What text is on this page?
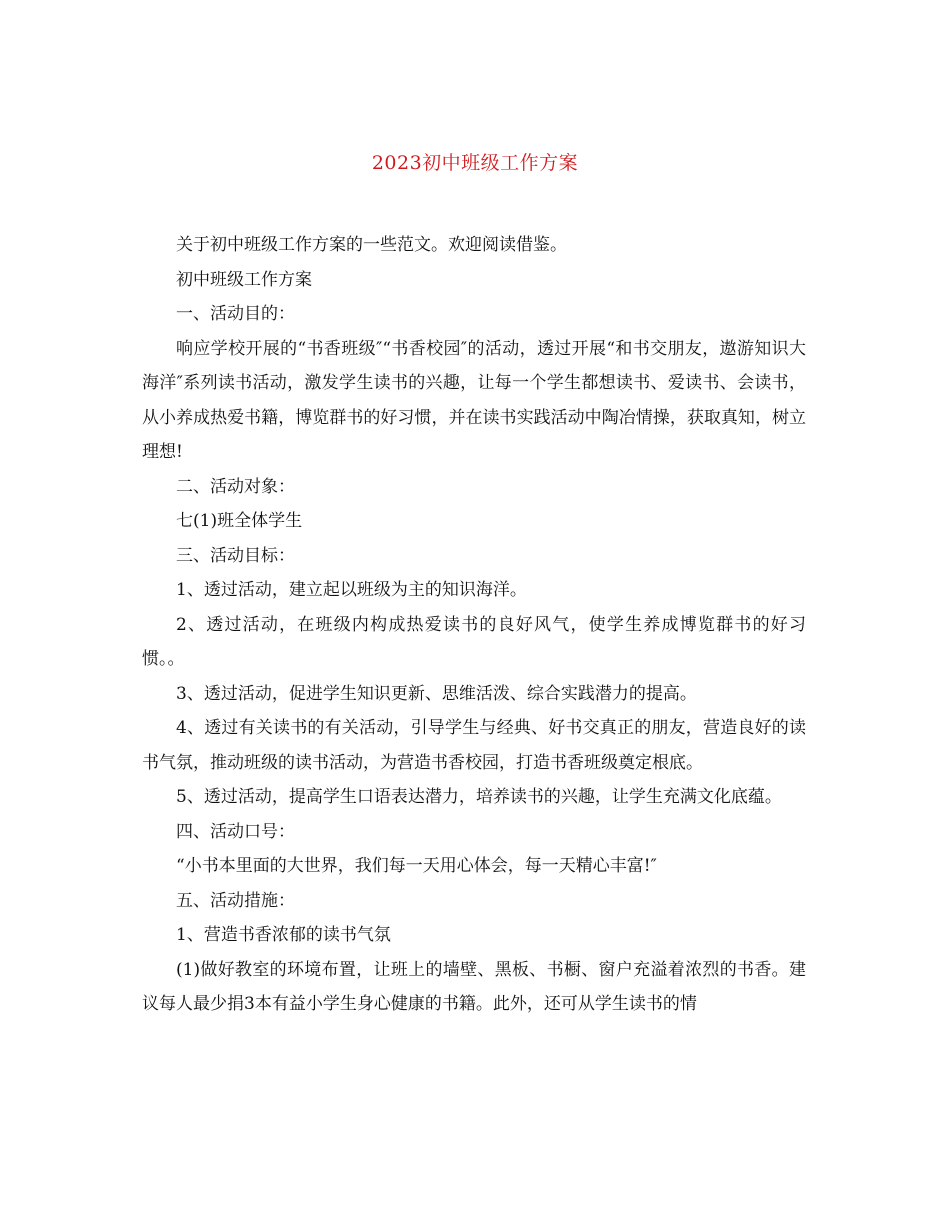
2023初中班级工作方案

关于初中班级工作方案的一些范文。欢迎阅读借鉴。

初中班级工作方案

一、活动目的：

响应学校开展的“书香班级″“书香校园″的活动，透过开展“和书交朋友，遨游知识大海洋″系列读书活动，激发学生读书的兴趣，让每一个学生都想读书、爱读书、会读书，从小养成热爱书籍，博览群书的好习惯，并在读书实践活动中陶冶情操，获取真知，树立理想!

二、活动对象：

七(1)班全体学生

三、活动目标：

1、透过活动，建立起以班级为主的知识海洋。

2、透过活动，在班级内构成热爱读书的良好风气，使学生养成博览群书的好习惯。。

3、透过活动，促进学生知识更新、思维活泼、综合实践潜力的提高。

4、透过有关读书的有关活动，引导学生与经典、好书交真正的朋友，营造良好的读书气氛，推动班级的读书活动，为营造书香校园，打造书香班级奠定根底。

5、透过活动，提高学生口语表达潜力，培养读书的兴趣，让学生充满文化底蕴。

四、活动口号：

“小书本里面的大世界，我们每一天用心体会，每一天精心丰富!″

五、活动措施：

1、营造书香浓郁的读书气氛

(1)做好教室的环境布置，让班上的墙壁、黑板、书橱、窗户充溢着浓烈的书香。建议每人最少捐3本有益小学生身心健康的书籍。此外，还可从学生读书的情
